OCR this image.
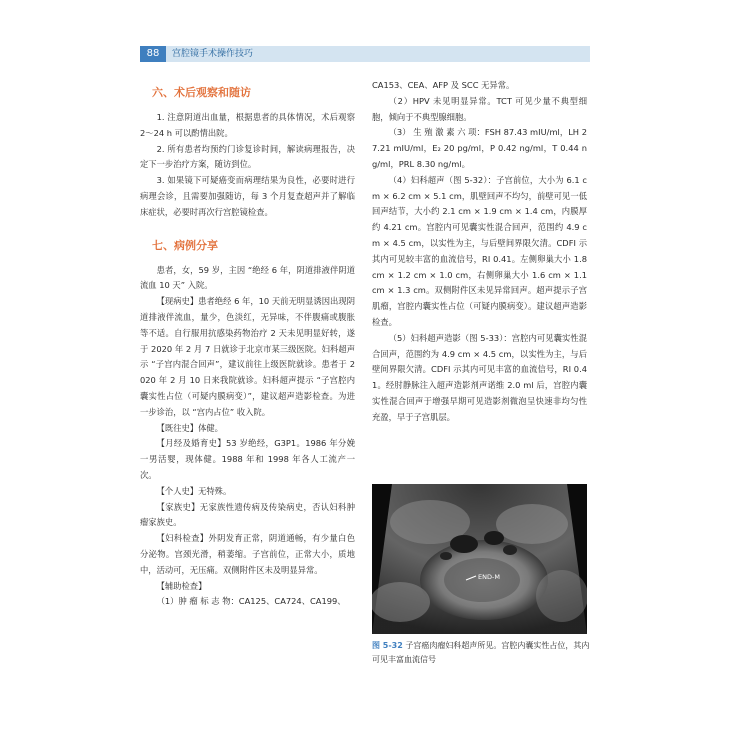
88	宫腔镜手术操作技巧
六、术后观察和随访

1. 注意阴道出血量，根据患者的具体情况，术后观察 2～24 h 可以酌情出院。

2. 所有患者均预约门诊复诊时间，解读病理报告，决定下一步治疗方案，随访到位。

3. 如果镜下可疑癌变而病理结果为良性，必要时进行病理会诊，且需要加强随访，每 3 个月复查超声并了解临床症状，必要时再次行宫腔镜检查。

七、病例分享

患者，女，59 岁，主因 “绝经 6 年，阴道排液伴阴道流血 10 天” 入院。

【现病史】患者绝经 6 年，10 天前无明显诱因出现阴道排液伴流血，量少，色淡红，无异味，不伴腹痛或腹胀等不适。自行服用抗感染药物治疗 2 天未见明显好转，遂于 2020 年 2 月 7 日就诊于北京市某三级医院。妇科超声示 “子宫内混合回声”，建议前往上级医院就诊。患者于 2020 年 2 月 10 日来我院就诊。妇科超声提示 “子宫腔内囊实性占位（可疑内膜病变）”，建议超声造影检查。为进一步诊治，以 “宫内占位” 收入院。

【既往史】体健。

【月经及婚育史】53 岁绝经，G3P1。1986 年分娩一男活婴，现体健。1988 年和 1998 年各人工流产一次。

【个人史】无特殊。

【家族史】无家族性遗传病及传染病史，否认妇科肿瘤家族史。

【妇科检查】外阴发育正常，阴道通畅，有少量白色分泌物。宫颈光滑，稍萎缩。子宫前位，正常大小，质地中，活动可，无压痛。双侧附件区未及明显异常。

【辅助检查】

（1）肿 瘤 标 志 物：CA125、CA724、CA199、

CA153、CEA、AFP 及 SCC 无异常。

（2）HPV 未见明显异常。TCT 可见少量不典型细胞，倾向于不典型腺细胞。

（3） 生 殖 激 素 六 项：FSH 87.43 mIU/ml，LH 27.21 mIU/ml，E₂ 20 pg/ml，P 0.42 ng/ml，T 0.44 ng/ml，PRL 8.30 ng/ml。

（4）妇科超声（图 5-32）：子宫前位，大小为 6.1 cm × 6.2 cm × 5.1 cm，肌壁回声不均匀，前壁可见一低回声结节，大小约 2.1 cm × 1.9 cm × 1.4 cm，内膜厚约 4.21 cm。宫腔内可见囊实性混合回声，范围约 4.9 cm × 4.5 cm，以实性为主，与后壁间界限欠清。CDFI 示其内可见较丰富的血流信号，RI 0.41。左侧卵巢大小 1.8 cm × 1.2 cm × 1.0 cm，右侧卵巢大小 1.6 cm × 1.1 cm × 1.3 cm。双侧附件区未见异常回声。超声提示子宫肌瘤，宫腔内囊实性占位（可疑内膜病变）。建议超声造影检查。

（5）妇科超声造影（图 5-33）：宫腔内可见囊实性混合回声，范围约为 4.9 cm × 4.5 cm，以实性为主，与后壁间界限欠清。CDFI 示其内可见丰富的血流信号，RI 0.41。经肘静脉注入超声造影剂声诺维 2.0 ml 后，宫腔内囊实性混合回声于增强早期可见造影剂微泡呈快速非均匀性充盈，早于子宫肌层。

END-M
图 5-32 子宫癌肉瘤妇科超声所见。宫腔内囊实性占位，其内可见丰富血流信号
